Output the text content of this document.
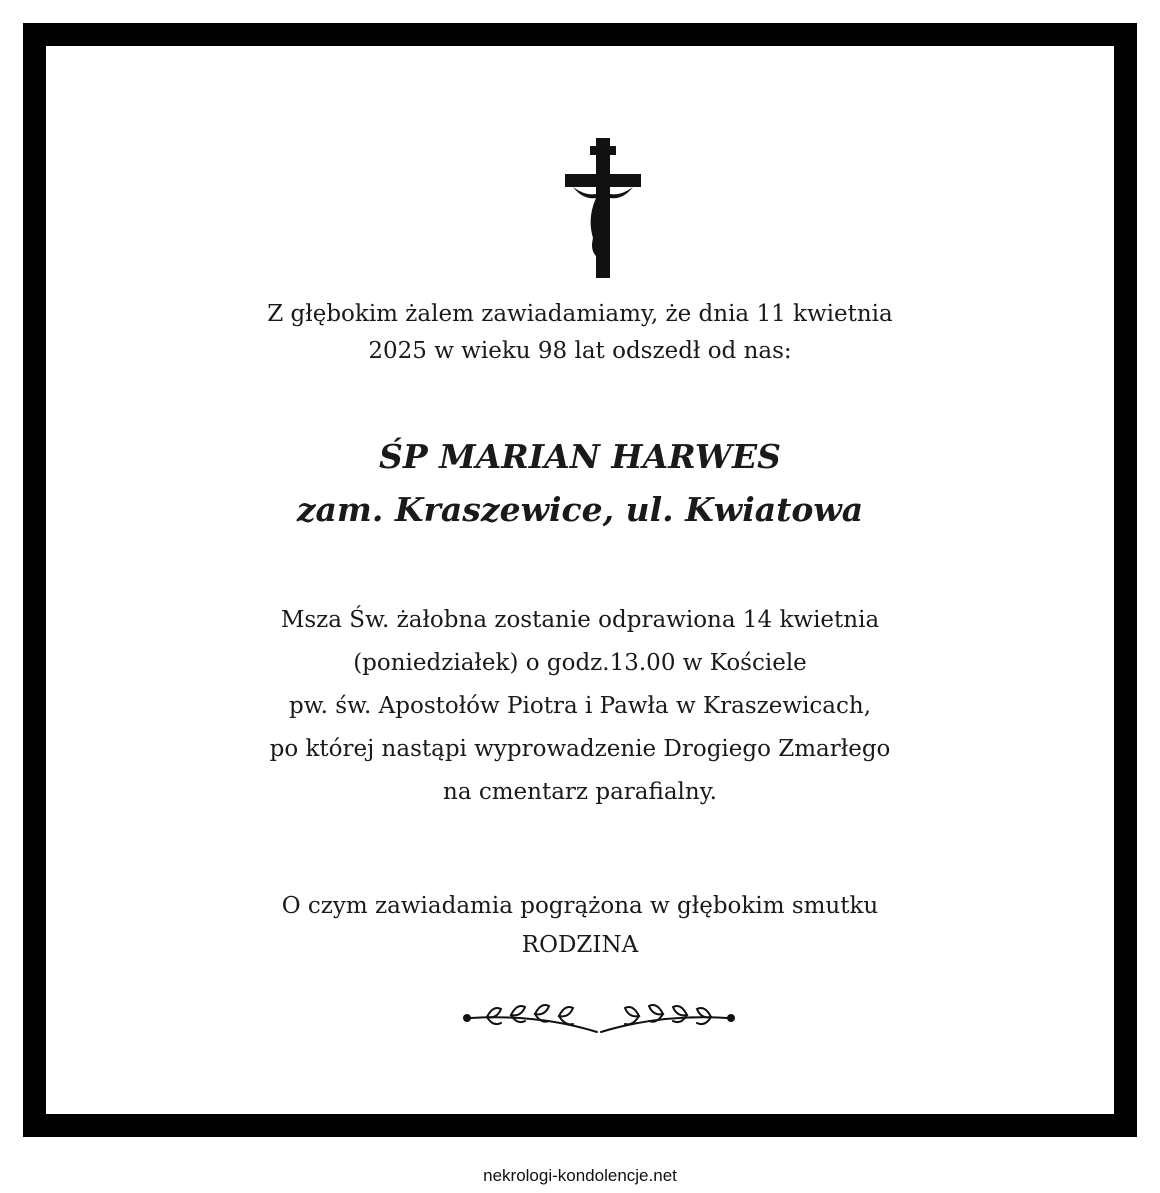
Z głębokim żalem zawiadamiamy, że dnia 11 kwietnia
2025 w wieku 98 lat odszedł od nas:
ŚP MARIAN HARWES
zam. Kraszewice, ul. Kwiatowa
Msza Św. żałobna zostanie odprawiona 14 kwietnia
(poniedziałek) o godz.13.00 w Kościele
pw. św. Apostołów Piotra i Pawła w Kraszewicach,
po której nastąpi wyprowadzenie Drogiego Zmarłego
na cmentarz parafialny.
O czym zawiadamia pogrążona w głębokim smutku
RODZINA
nekrologi-kondolencje.net
